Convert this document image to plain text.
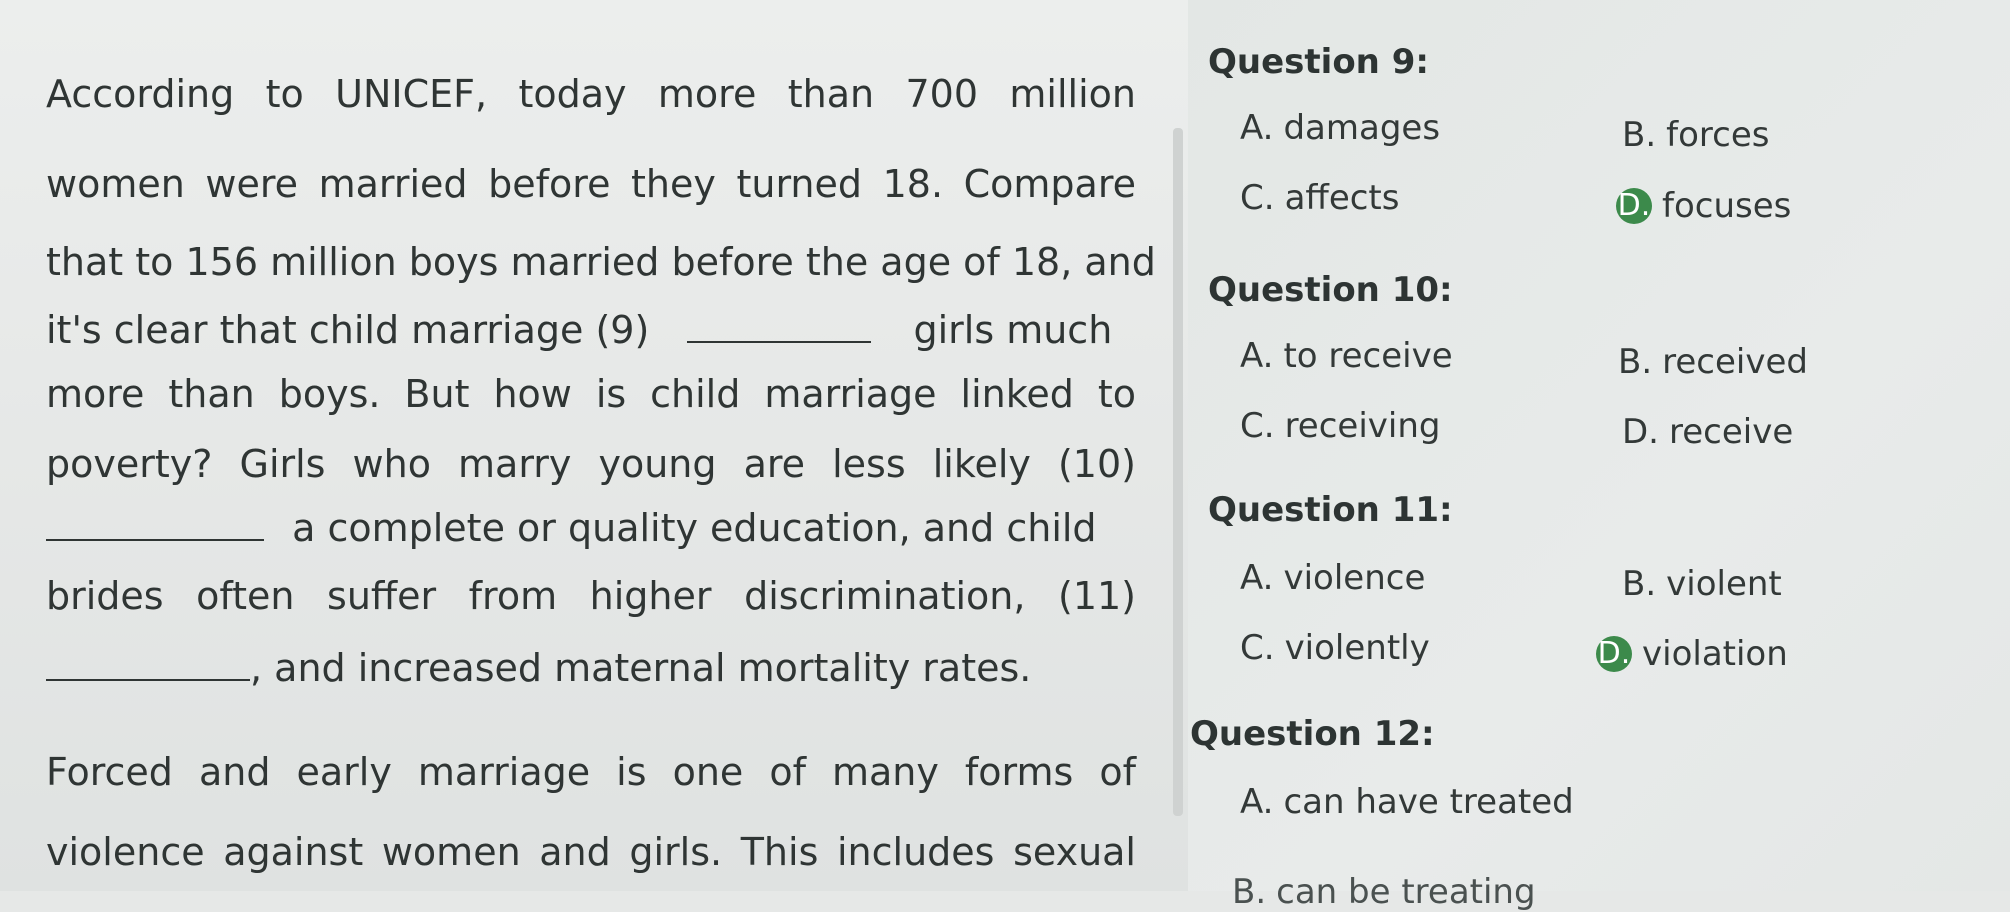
According to UNICEF, today more than 700 million
women were married before they turned 18. Compare
that to 156 million boys married before the age of 18, and
it's clear that child marriage (9)	girls much
more than boys. But how is child marriage linked to
poverty? Girls who marry young are less likely (10)
a complete or quality education, and child
brides often suffer from higher discrimination, (11)
, and increased maternal mortality rates.
Forced and early marriage is one of many forms of
violence against women and girls. This includes sexual
Question 9:
A. damages	B. forces
C. affects	D. focuses
Question 10:
A. to receive	B. received
C. receiving	D. receive
Question 11:
A. violence	B. violent
C. violently	D. violation
Question 12:
A. can have treated
B. can be treating
